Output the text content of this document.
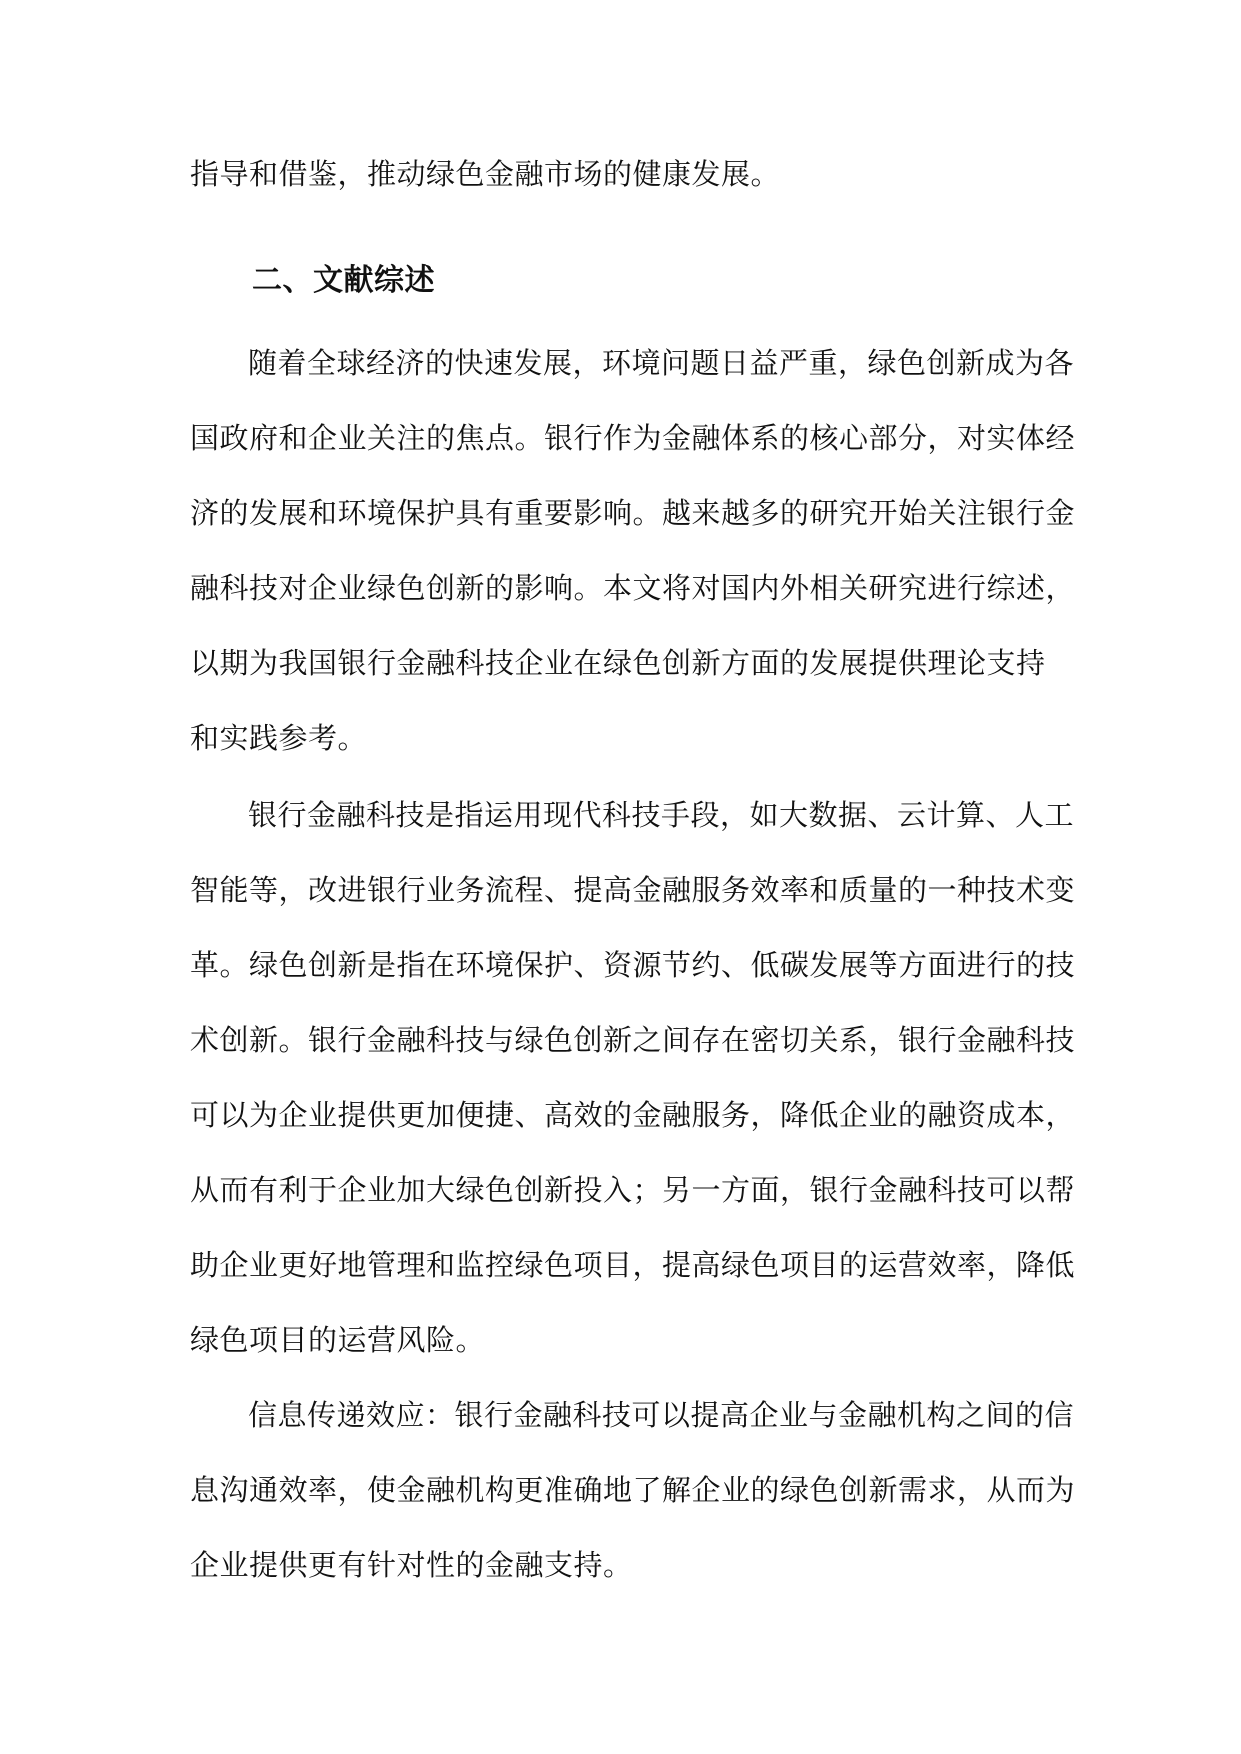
指导和借鉴，推动绿色金融市场的健康发展。
二、文献综述
随着全球经济的快速发展，环境问题日益严重，绿色创新成为各
国政府和企业关注的焦点。银行作为金融体系的核心部分，对实体经
济的发展和环境保护具有重要影响。越来越多的研究开始关注银行金
融科技对企业绿色创新的影响。本文将对国内外相关研究进行综述，
以期为我国银行金融科技企业在绿色创新方面的发展提供理论支持
和实践参考。
银行金融科技是指运用现代科技手段，如大数据、云计算、人工
智能等，改进银行业务流程、提高金融服务效率和质量的一种技术变
革。绿色创新是指在环境保护、资源节约、低碳发展等方面进行的技
术创新。银行金融科技与绿色创新之间存在密切关系，银行金融科技
可以为企业提供更加便捷、高效的金融服务，降低企业的融资成本，
从而有利于企业加大绿色创新投入；另一方面，银行金融科技可以帮
助企业更好地管理和监控绿色项目，提高绿色项目的运营效率，降低
绿色项目的运营风险。
信息传递效应：银行金融科技可以提高企业与金融机构之间的信
息沟通效率，使金融机构更准确地了解企业的绿色创新需求，从而为
企业提供更有针对性的金融支持。
